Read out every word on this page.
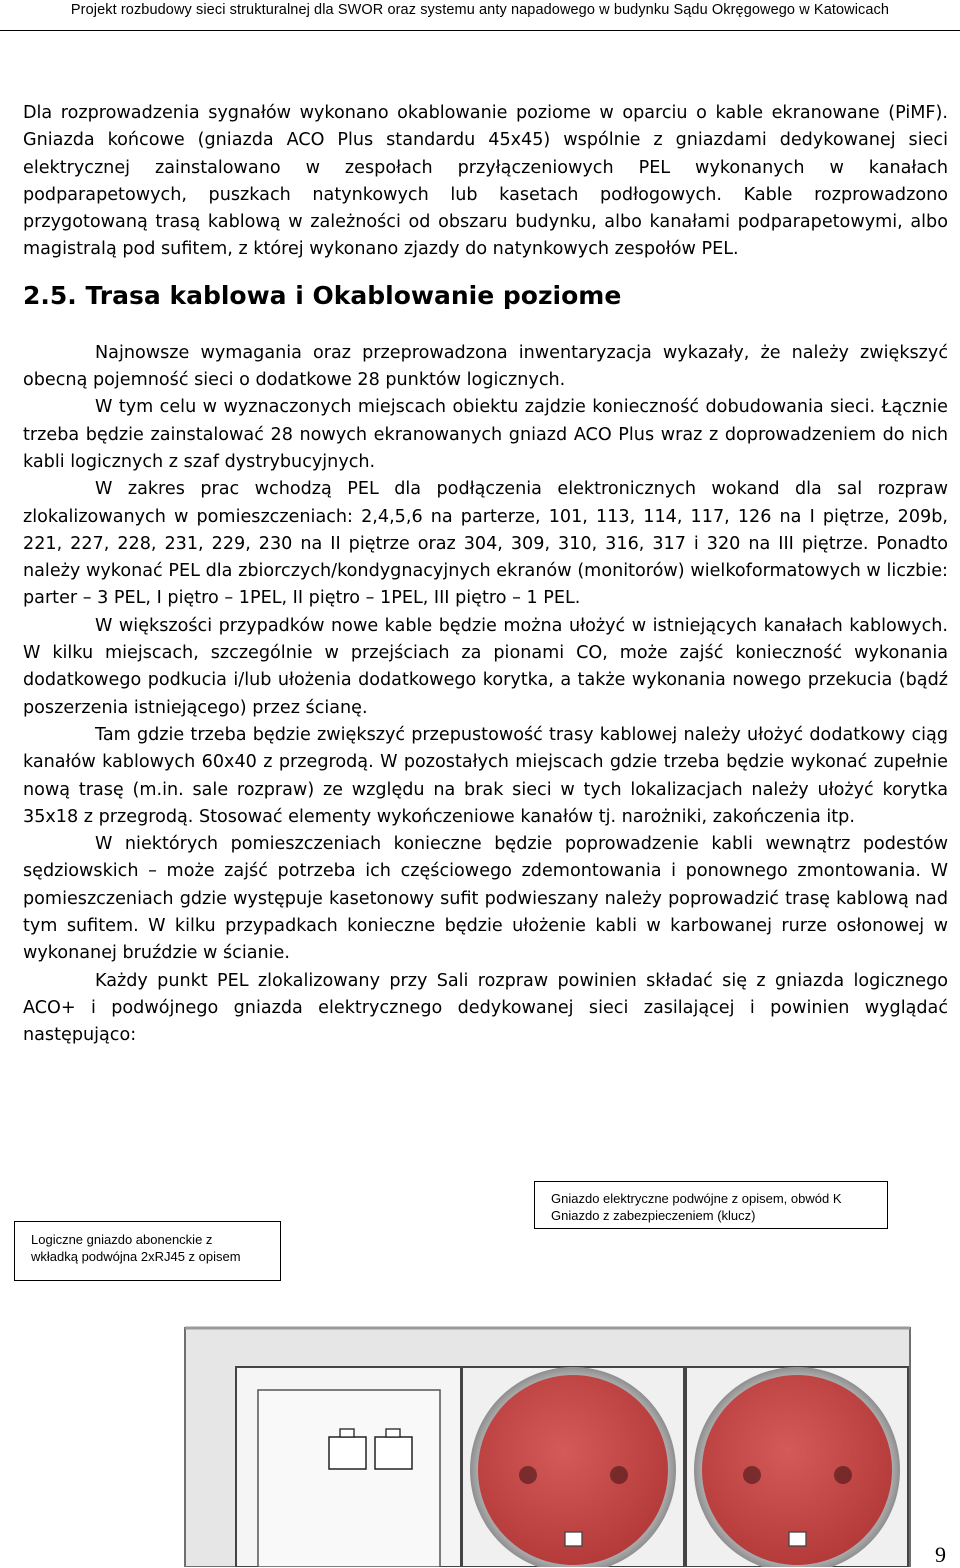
Projekt rozbudowy sieci strukturalnej dla SWOR oraz systemu anty napadowego w budynku Sądu Okręgowego w Katowicach

Dla rozprowadzenia sygnałów wykonano okablowanie poziome w oparciu o kable ekranowane (PiMF). Gniazda końcowe (gniazda ACO Plus standardu 45x45) wspólnie z gniazdami dedykowanej sieci elektrycznej zainstalowano w zespołach przyłączeniowych PEL wykonanych w kanałach podparapetowych, puszkach natynkowych lub kasetach podłogowych. Kable rozprowadzono przygotowaną trasą kablową w zależności od obszaru budynku, albo kanałami podparapetowymi, albo magistralą pod sufitem, z której wykonano zjazdy do natynkowych zespołów PEL.

2.5. Trasa kablowa i Okablowanie poziome

Najnowsze wymagania oraz przeprowadzona inwentaryzacja wykazały, że należy zwiększyć obecną pojemność sieci o dodatkowe 28 punktów logicznych.

W tym celu w wyznaczonych miejscach obiektu zajdzie konieczność dobudowania sieci. Łącznie trzeba będzie zainstalować 28 nowych ekranowanych gniazd ACO Plus wraz z doprowadzeniem do nich kabli logicznych z szaf dystrybucyjnych.

W zakres prac wchodzą PEL dla podłączenia elektronicznych wokand dla sal rozpraw zlokalizowanych w pomieszczeniach: 2,4,5,6 na parterze, 101, 113, 114, 117, 126 na I piętrze, 209b, 221, 227, 228, 231, 229, 230 na II piętrze oraz 304, 309, 310, 316, 317 i 320 na III piętrze. Ponadto należy wykonać PEL dla zbiorczych/kondygnacyjnych ekranów (monitorów) wielkoformatowych w liczbie: parter – 3 PEL, I piętro – 1PEL, II piętro – 1PEL, III piętro – 1 PEL.

W większości przypadków nowe kable będzie można ułożyć w istniejących kanałach kablowych. W kilku miejscach, szczególnie w przejściach za pionami CO, może zajść konieczność wykonania dodatkowego podkucia i/lub ułożenia dodatkowego korytka, a także wykonania nowego przekucia (bądź poszerzenia istniejącego) przez ścianę.

Tam gdzie trzeba będzie zwiększyć przepustowość trasy kablowej należy ułożyć dodatkowy ciąg kanałów kablowych 60x40 z przegrodą. W pozostałych miejscach gdzie trzeba będzie wykonać zupełnie nową trasę (m.in. sale rozpraw) ze względu na brak sieci w tych lokalizacjach należy ułożyć korytka 35x18 z przegrodą. Stosować elementy wykończeniowe kanałów tj. narożniki, zakończenia itp.

W niektórych pomieszczeniach konieczne będzie poprowadzenie kabli wewnątrz podestów sędziowskich – może zajść potrzeba ich częściowego zdemontowania i ponownego zmontowania. W pomieszczeniach gdzie występuje kasetonowy sufit podwieszany należy poprowadzić trasę kablową nad tym sufitem. W kilku przypadkach konieczne będzie ułożenie kabli w karbowanej rurze osłonowej w wykonanej bruździe w ścianie.

Każdy punkt PEL zlokalizowany przy Sali rozpraw powinien składać się z gniazda logicznego ACO+ i podwójnego gniazda elektrycznego dedykowanej sieci zasilającej i powinien wyglądać następująco:

Logiczne gniazdo abonenckie z
wkładką podwójna 2xRJ45 z opisem
Gniazdo elektryczne podwójne z opisem, obwód K
Gniazdo z zabezpieczeniem (klucz)
9
